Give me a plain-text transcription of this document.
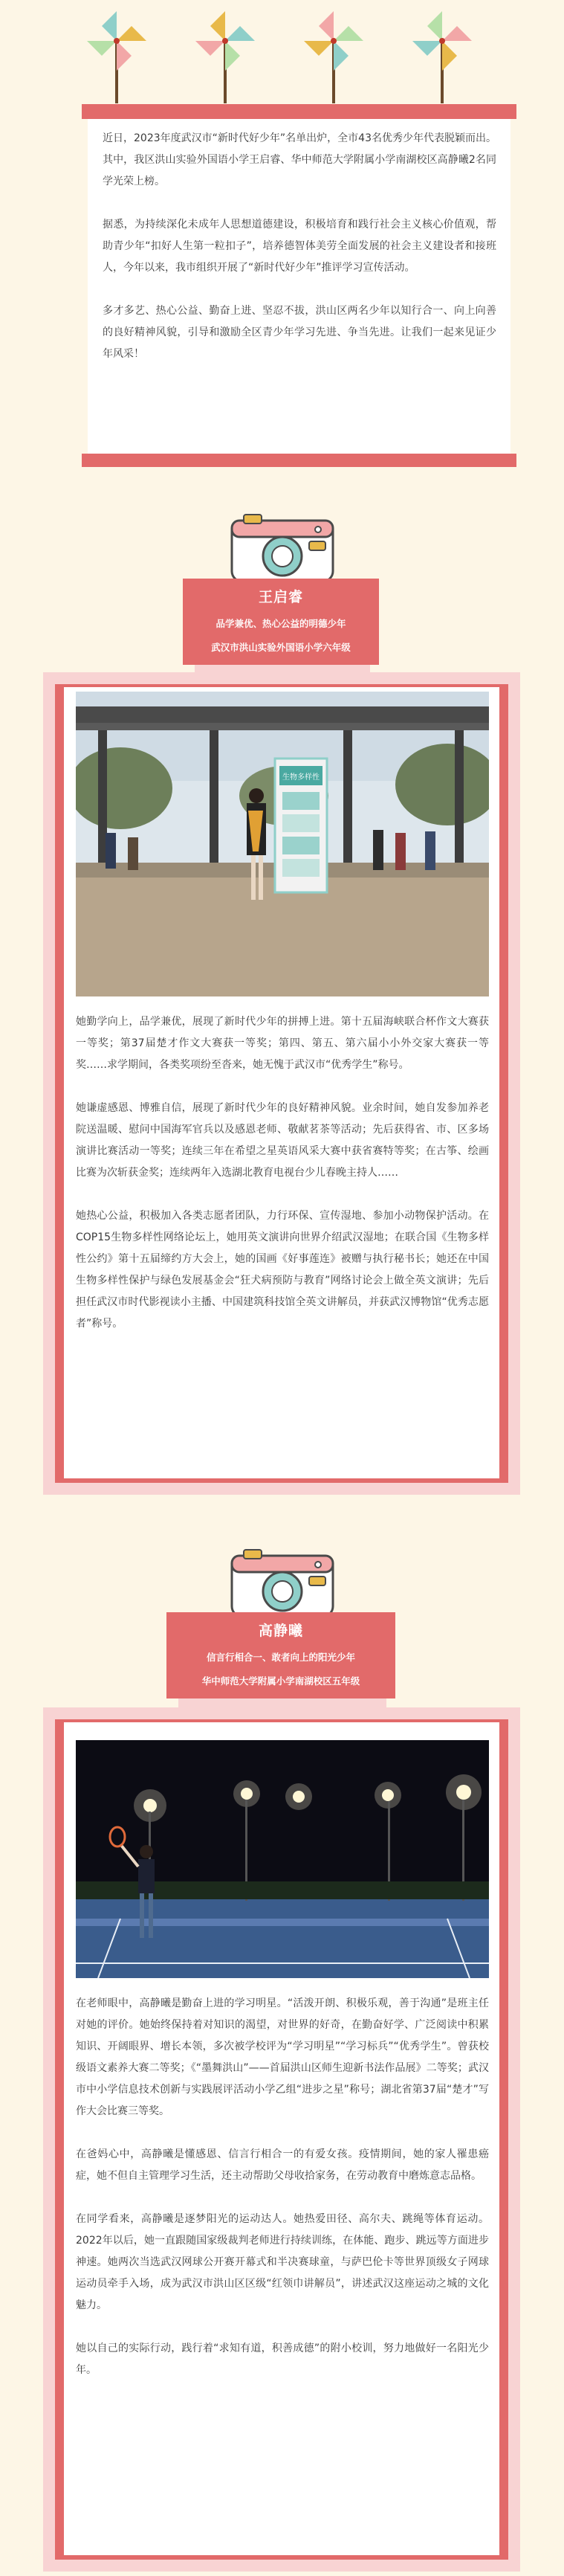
近日，2023年度武汉市“新时代好少年”名单出炉，全市43名优秀少年代表脱颖而出。其中，我区洪山实验外国语小学王启睿、华中师范大学附属小学南湖校区高静曦2名同学光荣上榜。

据悉，为持续深化未成年人思想道德建设，积极培育和践行社会主义核心价值观，帮助青少年“扣好人生第一粒扣子”，培养德智体美劳全面发展的社会主义建设者和接班人，今年以来，我市组织开展了“新时代好少年”推评学习宣传活动。

多才多艺、热心公益、勤奋上进、坚忍不拔，洪山区两名少年以知行合一、向上向善的良好精神风貌，引导和激励全区青少年学习先进、争当先进。让我们一起来见证少年风采！

王启睿
品学兼优、热心公益的明德少年
武汉市洪山实验外国语小学六年级
生物多样性

她勤学向上，品学兼优，展现了新时代少年的拼搏上进。第十五届海峡联合杯作文大赛获一等奖；第37届楚才作文大赛获一等奖；第四、第五、第六届小小外交家大赛获一等奖……求学期间，各类奖项纷至沓来，她无愧于武汉市“优秀学生”称号。

她谦虚感恩、博雅自信，展现了新时代少年的良好精神风貌。业余时间，她自发参加养老院送温暖、慰问中国海军官兵以及感恩老师、敬献茗茶等活动；先后获得省、市、区多场演讲比赛活动一等奖；连续三年在希望之星英语风采大赛中获省赛特等奖；在古筝、绘画比赛为次斩获金奖；连续两年入选湖北教育电视台少儿春晚主持人……

她热心公益，积极加入各类志愿者团队，力行环保、宣传湿地、参加小动物保护活动。在COP15生物多样性网络论坛上，她用英文演讲向世界介绍武汉湿地；在联合国《生物多样性公约》第十五届缔约方大会上，她的国画《好事莲连》被赠与执行秘书长；她还在中国生物多样性保护与绿色发展基金会“狂犬病预防与教育”网络讨论会上做全英文演讲；先后担任武汉市时代影视读小主播、中国建筑科技馆全英文讲解员，并获武汉博物馆“优秀志愿者”称号。

高静曦
信言行相合一、敢者向上的阳光少年
华中师范大学附属小学南湖校区五年级

在老师眼中，高静曦是勤奋上进的学习明星。“活泼开朗、积极乐观，善于沟通”是班主任对她的评价。她始终保持着对知识的渴望，对世界的好奇，在勤奋好学、广泛阅读中积累知识、开阔眼界、增长本领，多次被学校评为“学习明星”“学习标兵”“优秀学生”。曾获校级语文素养大赛二等奖；《“墨舞洪山”——首届洪山区师生迎新书法作品展》二等奖；武汉市中小学信息技术创新与实践展评活动小学乙组“进步之星”称号；湖北省第37届“楚才”写作大会比赛三等奖。

在爸妈心中，高静曦是懂感恩、信言行相合一的有爱女孩。疫情期间，她的家人罹患癌症，她不但自主管理学习生活，还主动帮助父母收拾家务，在劳动教育中磨炼意志品格。

在同学看来，高静曦是逐梦阳光的运动达人。她热爱田径、高尔夫、跳绳等体育运动。2022年以后，她一直跟随国家级裁判老师进行持续训练，在体能、跑步、跳远等方面进步神速。她两次当选武汉网球公开赛开幕式和半决赛球童，与萨巴伦卡等世界顶级女子网球运动员牵手入场，成为武汉市洪山区区级“红领巾讲解员”，讲述武汉这座运动之城的文化魅力。

她以自己的实际行动，践行着“求知有道，积善成德”的附小校训，努力地做好一名阳光少年。
